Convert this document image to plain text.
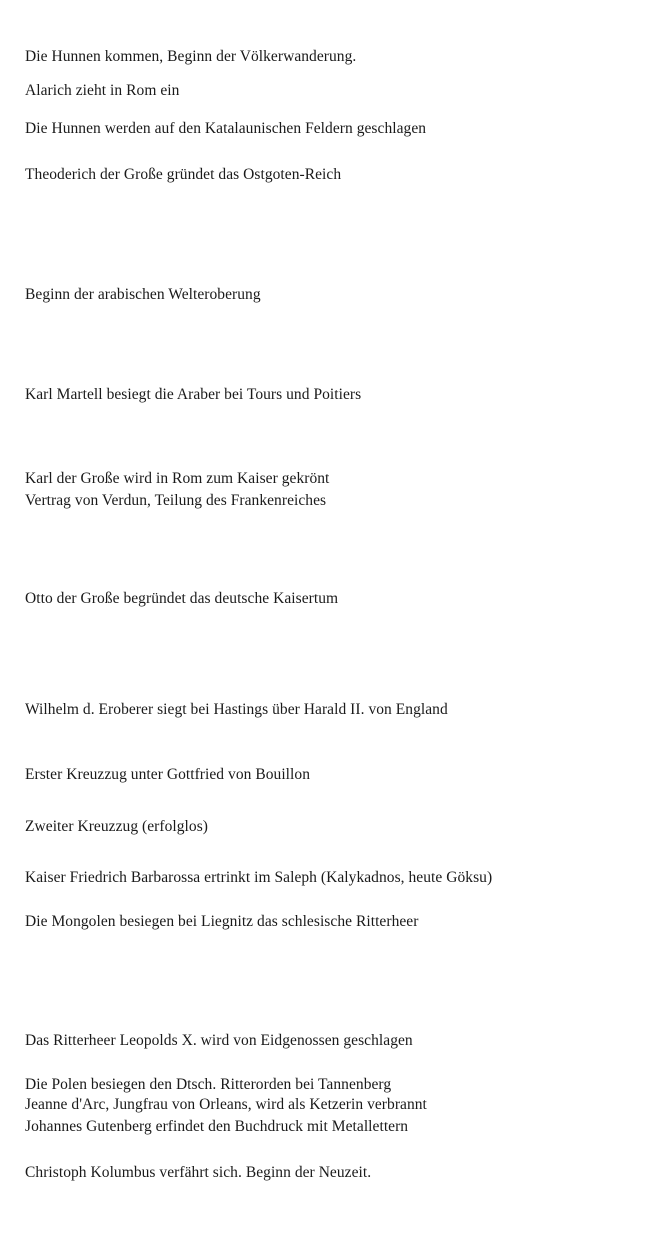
Die Hunnen kommen, Beginn der Völkerwanderung.
Alarich zieht in Rom ein
Die Hunnen werden auf den Katalaunischen Feldern geschlagen
Theoderich der Große gründet das Ostgoten-Reich
Beginn der arabischen Welteroberung
Karl Martell besiegt die Araber bei Tours und Poitiers
Karl der Große wird in Rom zum Kaiser gekrönt
Vertrag von Verdun, Teilung des Frankenreiches
Otto der Große begründet das deutsche Kaisertum
Wilhelm d. Eroberer siegt bei Hastings über Harald II. von England
Erster Kreuzzug unter Gottfried von Bouillon
Zweiter Kreuzzug (erfolglos)
Kaiser Friedrich Barbarossa ertrinkt im Saleph (Kalykadnos, heute Göksu)
Die Mongolen besiegen bei Liegnitz das schlesische Ritterheer
Das Ritterheer Leopolds X. wird von Eidgenossen geschlagen
Die Polen besiegen den Dtsch. Ritterorden bei Tannenberg
Jeanne d'Arc, Jungfrau von Orleans, wird als Ketzerin verbrannt
Johannes Gutenberg erfindet den Buchdruck mit Metallettern
Christoph Kolumbus verfährt sich. Beginn der Neuzeit.
